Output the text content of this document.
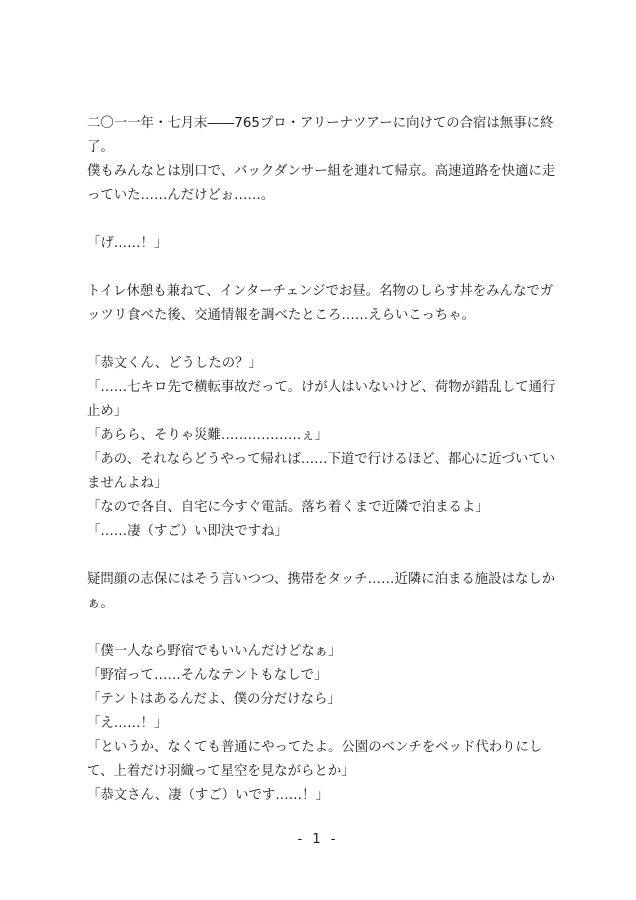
二〇一一年・七月末――765プロ・アリーナツアーに向けての合宿は無事に終了。

僕もみんなとは別口で、バックダンサー組を連れて帰京。高速道路を快適に走っていた……んだけどぉ……。

「げ……！」

トイレ休憩も兼ねて、インターチェンジでお昼。名物のしらす丼をみんなでガッツリ食べた後、交通情報を調べたところ……えらいこっちゃ。

「恭文くん、どうしたの？」

「……七キロ先で横転事故だって。けが人はいないけど、荷物が錯乱して通行止め」

「あらら、そりゃ災難………………ぇ」

「あの、それならどうやって帰れば……下道で行けるほど、都心に近づいていませんよね」

「なので各自、自宅に今すぐ電話。落ち着くまで近隣で泊まるよ」

「……凄（すご）い即決ですね」

疑問顔の志保にはそう言いつつ、携帯をタッチ……近隣に泊まる施設はなしかぁ。

「僕一人なら野宿でもいいんだけどなぁ」

「野宿って……そんなテントもなしで」

「テントはあるんだよ、僕の分だけなら」

「え……！」

「というか、なくても普通にやってたよ。公園のベンチをベッド代わりにして、上着だけ羽織って星空を見ながらとか」

「恭文さん、凄（すご）いです……！」

- 1 -
